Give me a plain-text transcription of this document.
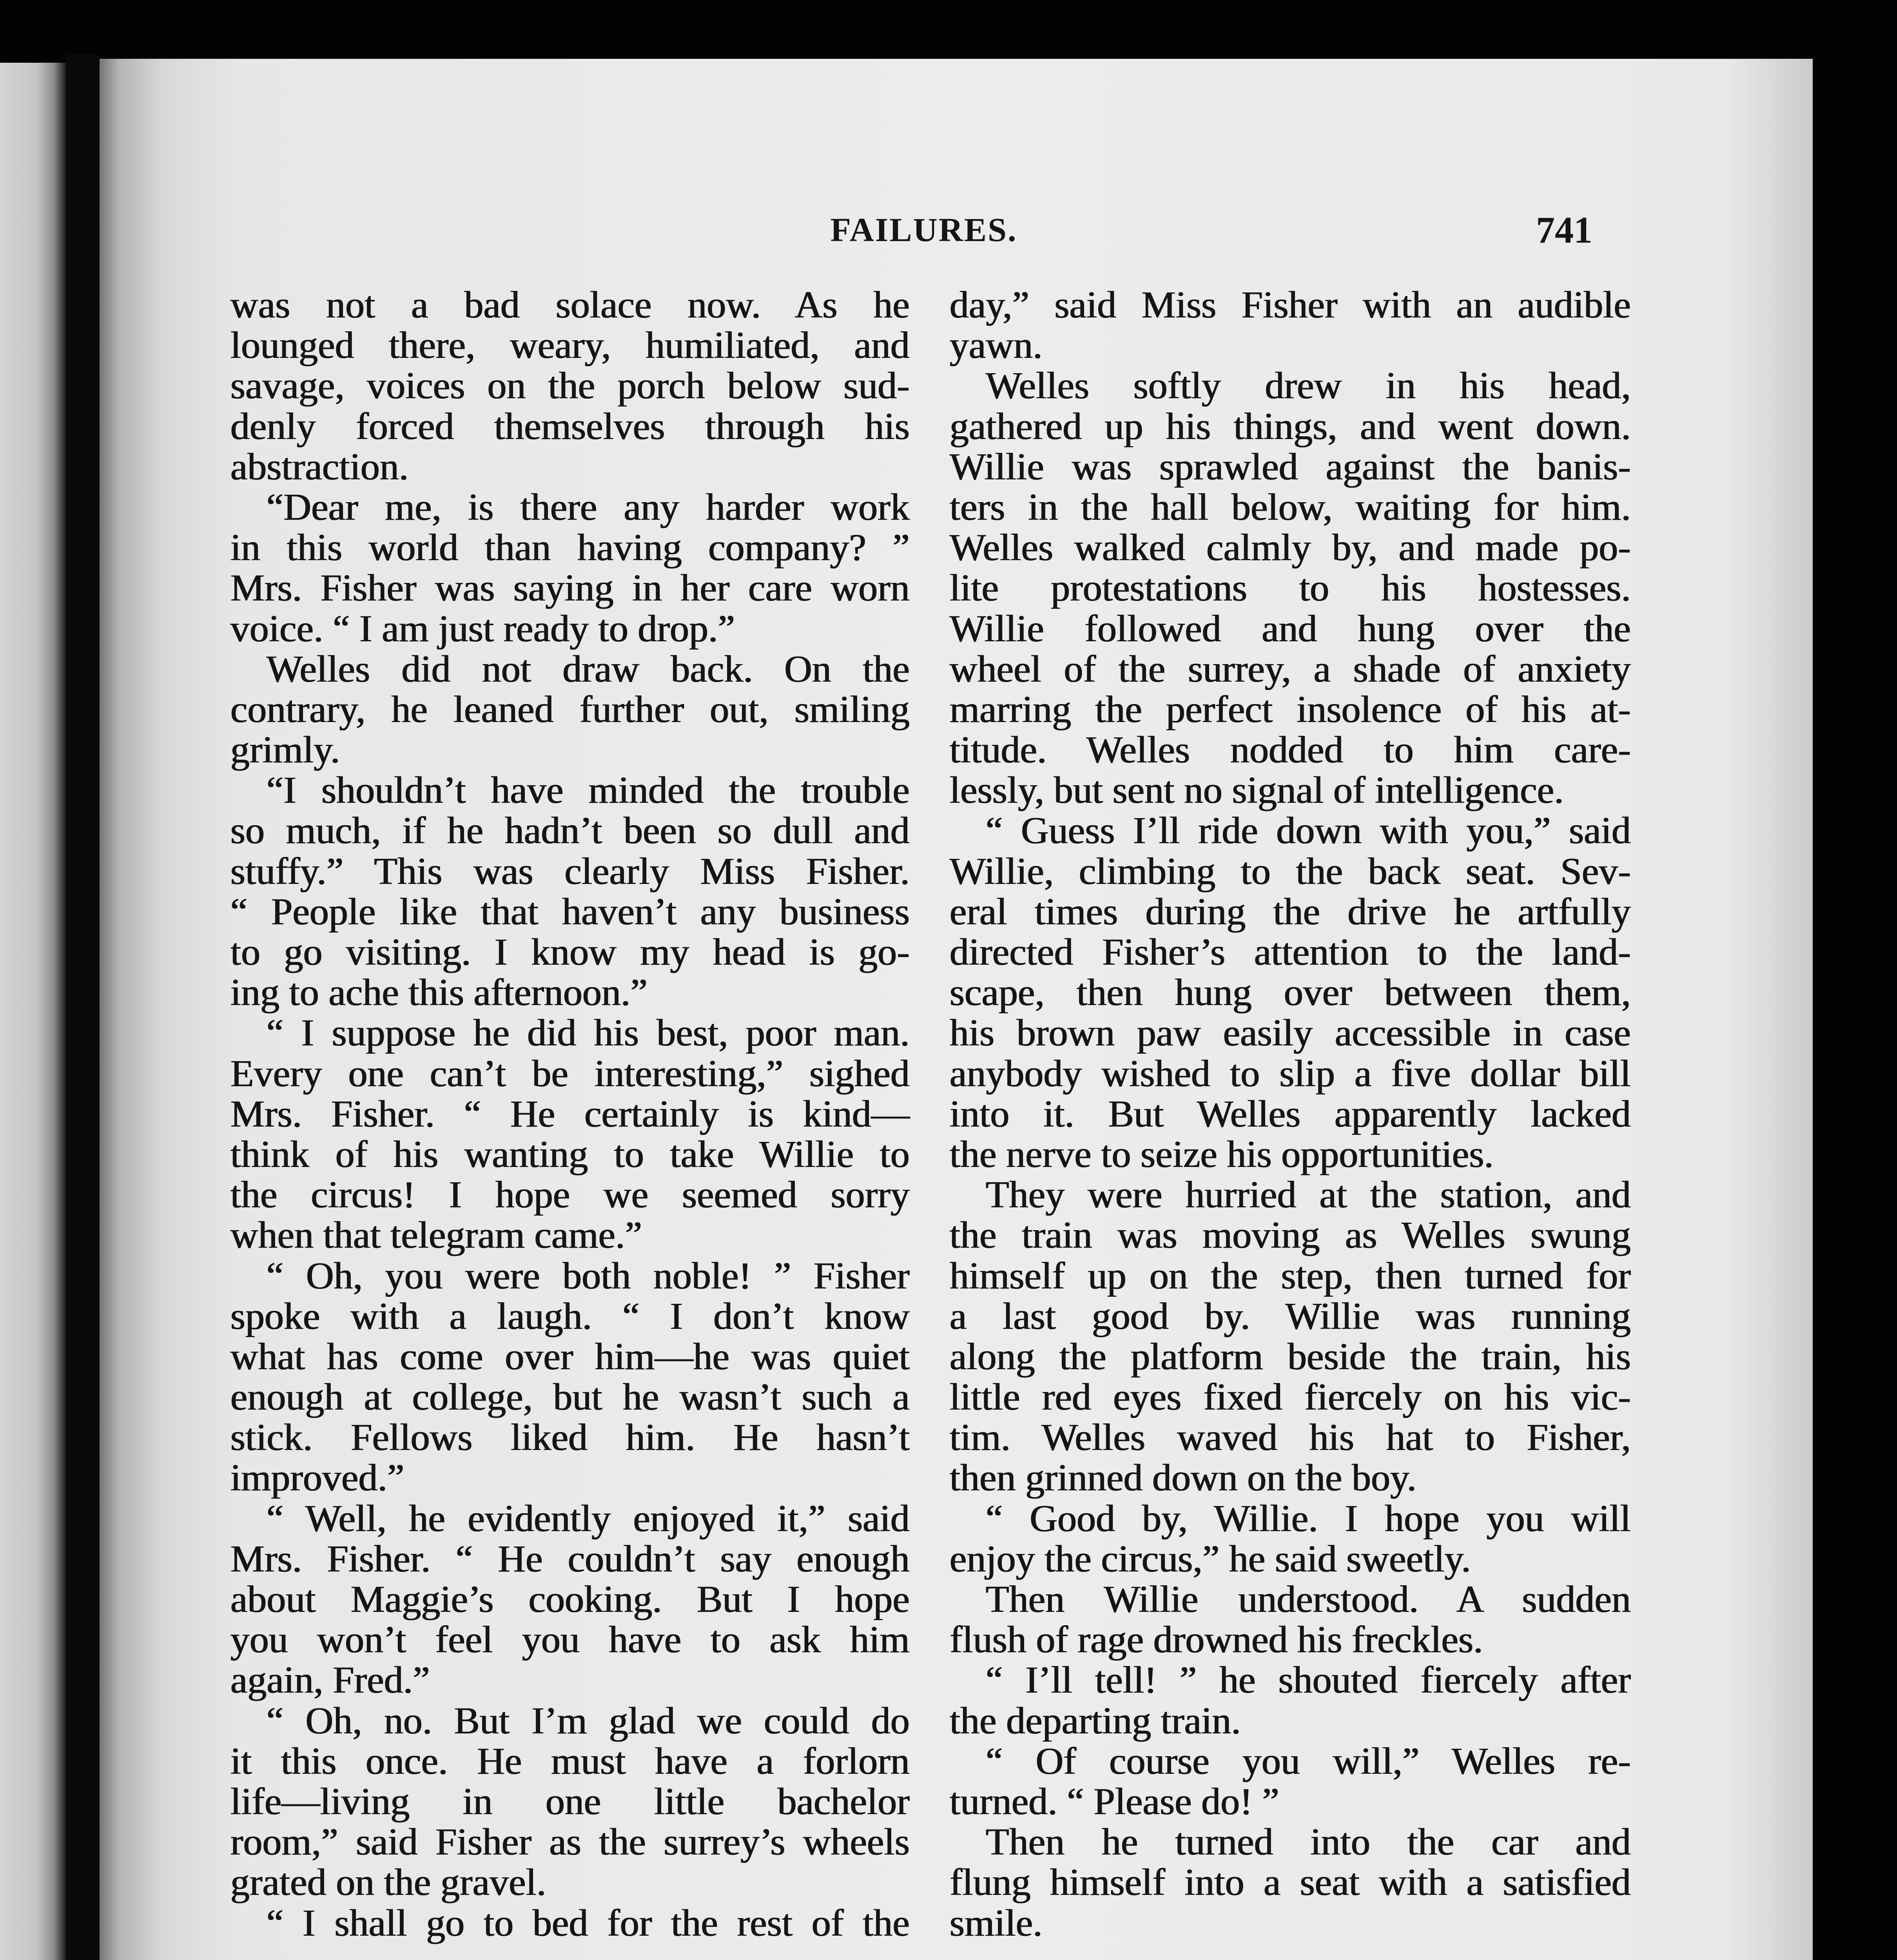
FAILURES.	741
was not a bad solace now. As he
lounged there, weary, humiliated, and
savage, voices on the porch below sud-
denly forced themselves through his
abstraction.
“Dear me, is there any harder work
in this world than having company? ”
Mrs. Fisher was saying in her care worn
voice. “ I am just ready to drop.”
Welles did not draw back. On the
contrary, he leaned further out, smiling
grimly.
“I shouldn’t have minded the trouble
so much, if he hadn’t been so dull and
stuffy.” This was clearly Miss Fisher.
“ People like that haven’t any business
to go visiting. I know my head is go-
ing to ache this afternoon.”
“ I suppose he did his best, poor man.
Every one can’t be interesting,” sighed
Mrs. Fisher. “ He certainly is kind—
think of his wanting to take Willie to
the circus! I hope we seemed sorry
when that telegram came.”
“ Oh, you were both noble! ” Fisher
spoke with a laugh. “ I don’t know
what has come over him—he was quiet
enough at college, but he wasn’t such a
stick. Fellows liked him. He hasn’t
improved.”
“ Well, he evidently enjoyed it,” said
Mrs. Fisher. “ He couldn’t say enough
about Maggie’s cooking. But I hope
you won’t feel you have to ask him
again, Fred.”
“ Oh, no. But I’m glad we could do
it this once. He must have a forlorn
life—living in one little bachelor
room,” said Fisher as the surrey’s wheels
grated on the gravel.
“ I shall go to bed for the rest of the
day,” said Miss Fisher with an audible
yawn.
Welles softly drew in his head,
gathered up his things, and went down.
Willie was sprawled against the banis-
ters in the hall below, waiting for him.
Welles walked calmly by, and made po-
lite protestations to his hostesses.
Willie followed and hung over the
wheel of the surrey, a shade of anxiety
marring the perfect insolence of his at-
titude. Welles nodded to him care-
lessly, but sent no signal of intelligence.
“ Guess I’ll ride down with you,” said
Willie, climbing to the back seat. Sev-
eral times during the drive he artfully
directed Fisher’s attention to the land-
scape, then hung over between them,
his brown paw easily accessible in case
anybody wished to slip a five dollar bill
into it. But Welles apparently lacked
the nerve to seize his opportunities.
They were hurried at the station, and
the train was moving as Welles swung
himself up on the step, then turned for
a last good by. Willie was running
along the platform beside the train, his
little red eyes fixed fiercely on his vic-
tim. Welles waved his hat to Fisher,
then grinned down on the boy.
“ Good by, Willie. I hope you will
enjoy the circus,” he said sweetly.
Then Willie understood. A sudden
flush of rage drowned his freckles.
“ I’ll tell! ” he shouted fiercely after
the departing train.
“ Of course you will,” Welles re-
turned. “ Please do! ”
Then he turned into the car and
flung himself into a seat with a satisfied
smile.
